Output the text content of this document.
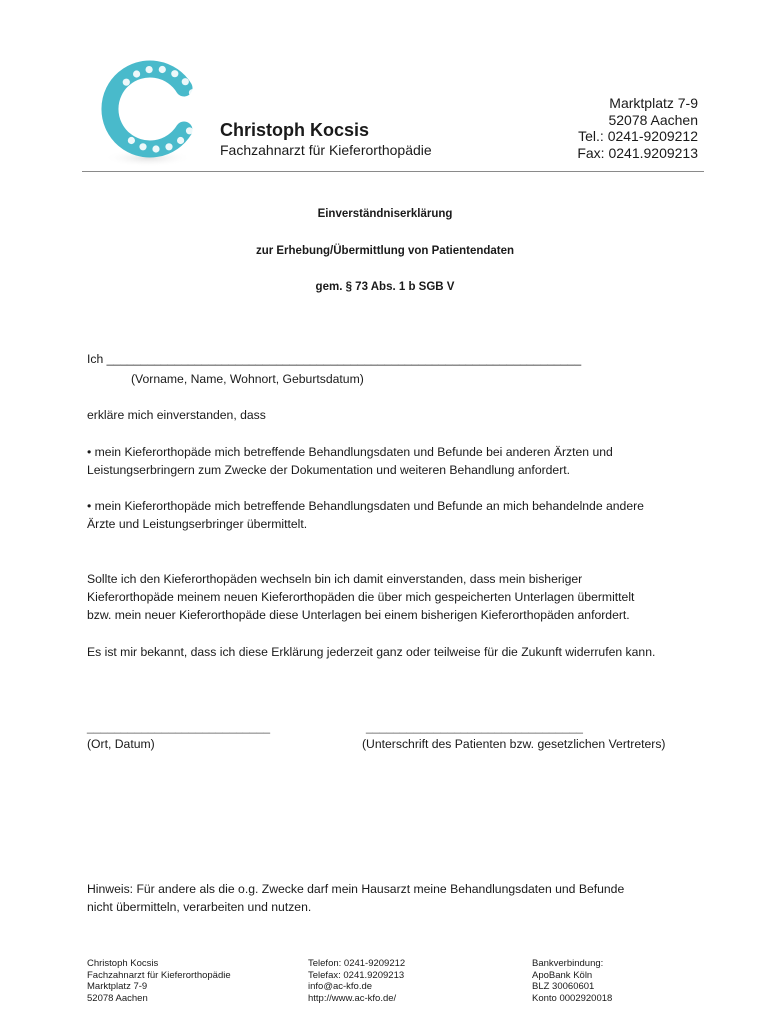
Christoph Kocsis
Fachzahnarzt für Kieferorthopädie
Marktplatz 7-9
52078 Aachen
Tel.: 0241-9209212
Fax: 0241.9209213
Einverständniserklärung
zur Erhebung/Übermittlung von Patientendaten
gem. § 73 Abs. 1 b SGB V
Ich ______________________________________________________________________
(Vorname, Name, Wohnort, Geburtsdatum)
erkläre mich einverstanden, dass
• mein Kieferorthopäde mich betreffende Behandlungsdaten und Befunde bei anderen Ärzten und
Leistungserbringern zum Zwecke der Dokumentation und weiteren Behandlung anfordert.
• mein Kieferorthopäde mich betreffende Behandlungsdaten und Befunde an mich behandelnde andere
Ärzte und Leistungserbringer übermittelt.
Sollte ich den Kieferorthopäden wechseln bin ich damit einverstanden, dass mein bisheriger
Kieferorthopäde meinem neuen Kieferorthopäden die über mich gespeicherten Unterlagen übermittelt
bzw. mein neuer Kieferorthopäde diese Unterlagen bei einem bisherigen Kieferorthopäden anfordert.
Es ist mir bekannt, dass ich diese Erklärung jederzeit ganz oder teilweise für die Zukunft widerrufen kann.
___________________________	________________________________
(Ort, Datum)	(Unterschrift des Patienten bzw. gesetzlichen Vertreters)
Hinweis: Für andere als die o.g. Zwecke darf mein Hausarzt meine Behandlungsdaten und Befunde
nicht übermitteln, verarbeiten und nutzen.
Christoph Kocsis
Fachzahnarzt für Kieferorthopädie
Marktplatz 7-9
52078 Aachen
Telefon: 0241-9209212
Telefax: 0241.9209213
info@ac-kfo.de
http://www.ac-kfo.de/
Bankverbindung:
ApoBank Köln
BLZ 30060601
Konto 0002920018
